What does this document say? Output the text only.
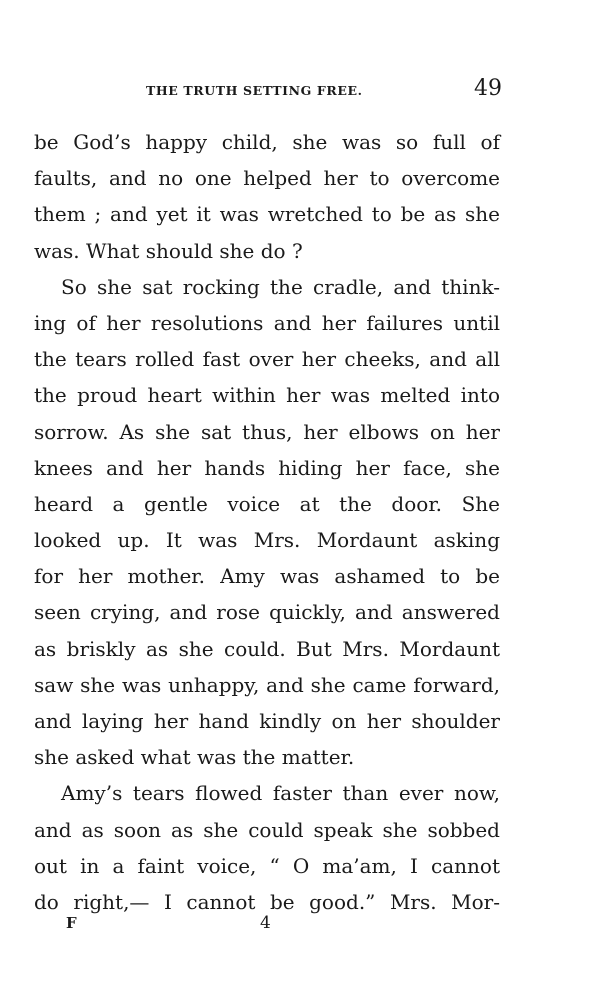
THE TRUTH SETTING FREE.	49
be God’s happy child, she was so full of
faults, and no one helped her to overcome
them ; and yet it was wretched to be as she
was. What should she do ?
So she sat rocking the cradle, and think-
ing of her resolutions and her failures until
the tears rolled fast over her cheeks, and all
the proud heart within her was melted into
sorrow. As she sat thus, her elbows on her
knees and her hands hiding her face, she
heard a gentle voice at the door. She
looked up. It was Mrs. Mordaunt asking
for her mother. Amy was ashamed to be
seen crying, and rose quickly, and answered
as briskly as she could. But Mrs. Mordaunt
saw she was unhappy, and she came forward,
and laying her hand kindly on her shoulder
she asked what was the matter.
Amy’s tears flowed faster than ever now,
and as soon as she could speak she sobbed
out in a faint voice, “ O ma’am, I cannot
do right,— I cannot be good.” Mrs. Mor-
F	4
